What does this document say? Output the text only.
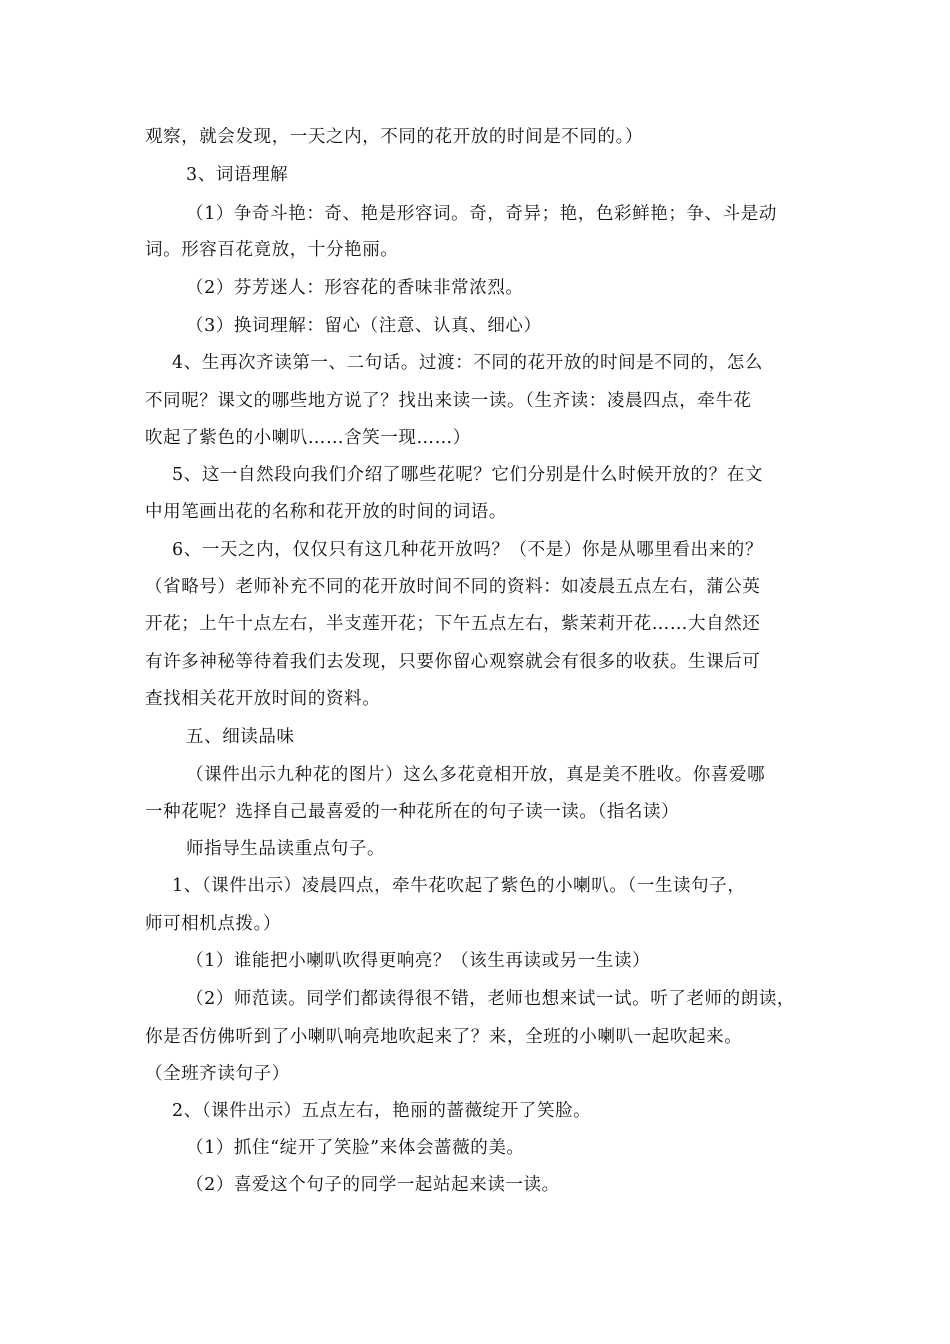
观察，就会发现，一天之内，不同的花开放的时间是不同的。）
3、词语理解
（1）争奇斗艳：奇、艳是形容词。奇，奇异；艳，色彩鲜艳；争、斗是动
词。形容百花竟放，十分艳丽。
（2）芬芳迷人：形容花的香味非常浓烈。
（3）换词理解：留心（注意、认真、细心）
4、生再次齐读第一、二句话。过渡：不同的花开放的时间是不同的，怎么
不同呢？课文的哪些地方说了？找出来读一读。（生齐读：凌晨四点，牵牛花
吹起了紫色的小喇叭……含笑一现……）
5、这一自然段向我们介绍了哪些花呢？它们分别是什么时候开放的？在文
中用笔画出花的名称和花开放的时间的词语。
6、一天之内，仅仅只有这几种花开放吗？（不是）你是从哪里看出来的？
（省略号）老师补充不同的花开放时间不同的资料：如凌晨五点左右，蒲公英
开花；上午十点左右，半支莲开花；下午五点左右，紫茉莉开花……大自然还
有许多神秘等待着我们去发现，只要你留心观察就会有很多的收获。生课后可
查找相关花开放时间的资料。
五、细读品味
（课件出示九种花的图片）这么多花竟相开放，真是美不胜收。你喜爱哪
一种花呢？选择自己最喜爱的一种花所在的句子读一读。（指名读）
师指导生品读重点句子。
1、（课件出示）凌晨四点，牵牛花吹起了紫色的小喇叭。（一生读句子，
师可相机点拨。）
（1）谁能把小喇叭吹得更响亮？（该生再读或另一生读）
（2）师范读。同学们都读得很不错，老师也想来试一试。听了老师的朗读，
你是否仿佛听到了小喇叭响亮地吹起来了？来，全班的小喇叭一起吹起来。
（全班齐读句子）
2、（课件出示）五点左右，艳丽的蔷薇绽开了笑脸。
（1）抓住“绽开了笑脸”来体会蔷薇的美。
（2）喜爱这个句子的同学一起站起来读一读。
